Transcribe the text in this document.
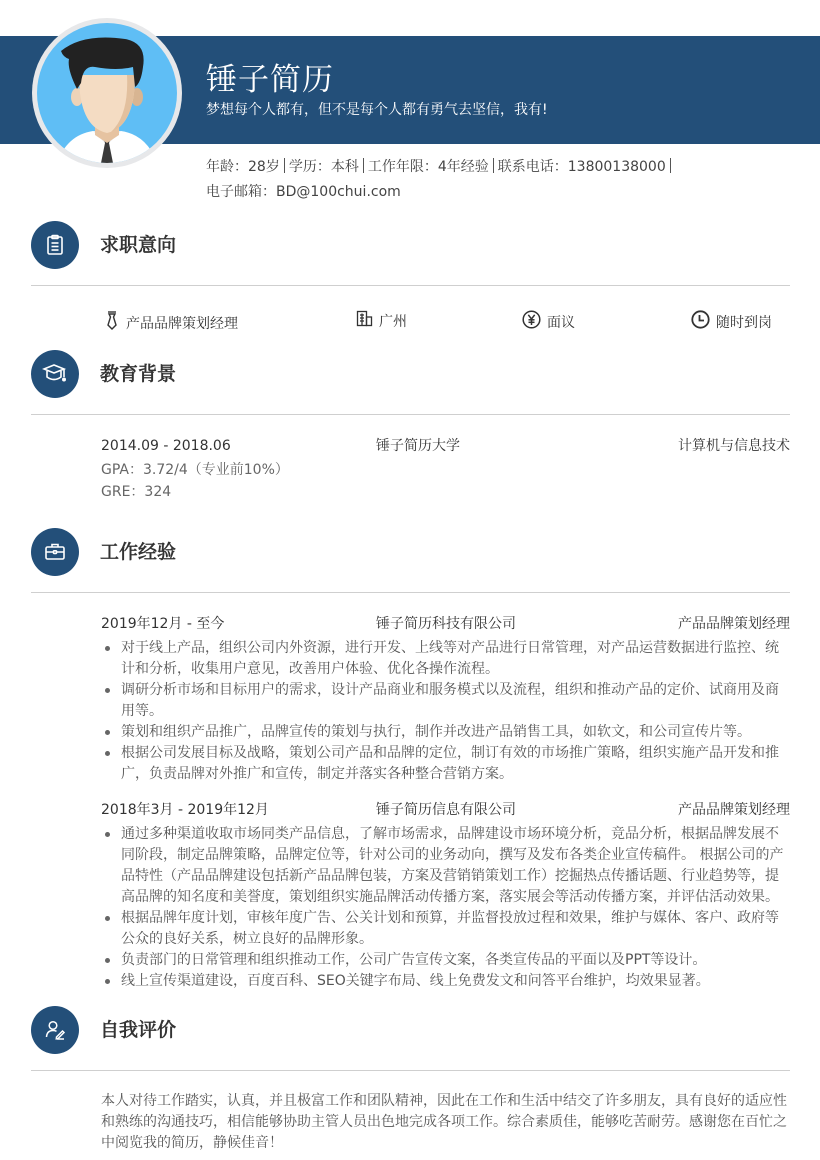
锤子简历
梦想每个人都有，但不是每个人都有勇气去坚信，我有!
年龄：28岁 学历：本科 工作年限：4年经验 联系电话：13800138000
电子邮箱：BD@100chui.com
求职意向
产品品牌策划经理	广州	面议	随时到岗
教育背景
2014.09 - 2018.06	锤子简历大学	计算机与信息技术
GPA：3.72/4（专业前10%）
GRE：324
工作经验
2019年12月 - 至今	锤子简历科技有限公司	产品品牌策划经理
对于线上产品，组织公司内外资源，进行开发、上线等对产品进行日常管理，对产品运营数据进行监控、统计和分析，收集用户意见，改善用户体验、优化各操作流程。
调研分析市场和目标用户的需求，设计产品商业和服务模式以及流程，组织和推动产品的定价、试商用及商用等。
策划和组织产品推广，品牌宣传的策划与执行，制作并改进产品销售工具，如软文，和公司宣传片等。
根据公司发展目标及战略，策划公司产品和品牌的定位，制订有效的市场推广策略，组织实施产品开发和推广，负责品牌对外推广和宣传，制定并落实各种整合营销方案。
2018年3月 - 2019年12月	锤子简历信息有限公司	产品品牌策划经理
通过多种渠道收取市场同类产品信息，了解市场需求，品牌建设市场环境分析，竞品分析，根据品牌发展不同阶段，制定品牌策略，品牌定位等，针对公司的业务动向，撰写及发布各类企业宣传稿件。 根据公司的产品特性（产品品牌建设包括新产品品牌包装，方案及营销销策划工作）挖掘热点传播话题、行业趋势等，提高品牌的知名度和美誉度，策划组织实施品牌活动传播方案，落实展会等活动传播方案，并评估活动效果。
根据品牌年度计划，审核年度广告、公关计划和预算，并监督投放过程和效果，维护与媒体、客户、政府等公众的良好关系，树立良好的品牌形象。
负责部门的日常管理和组织推动工作，公司广告宣传文案，各类宣传品的平面以及PPT等设计。
线上宣传渠道建设，百度百科、SEO关键字布局、线上免费发文和问答平台维护，均效果显著。
自我评价
本人对待工作踏实，认真，并且极富工作和团队精神，因此在工作和生活中结交了许多朋友，具有良好的适应性和熟练的沟通技巧，相信能够协助主管人员出色地完成各项工作。综合素质佳，能够吃苦耐劳。感谢您在百忙之中阅览我的简历，静候佳音！
